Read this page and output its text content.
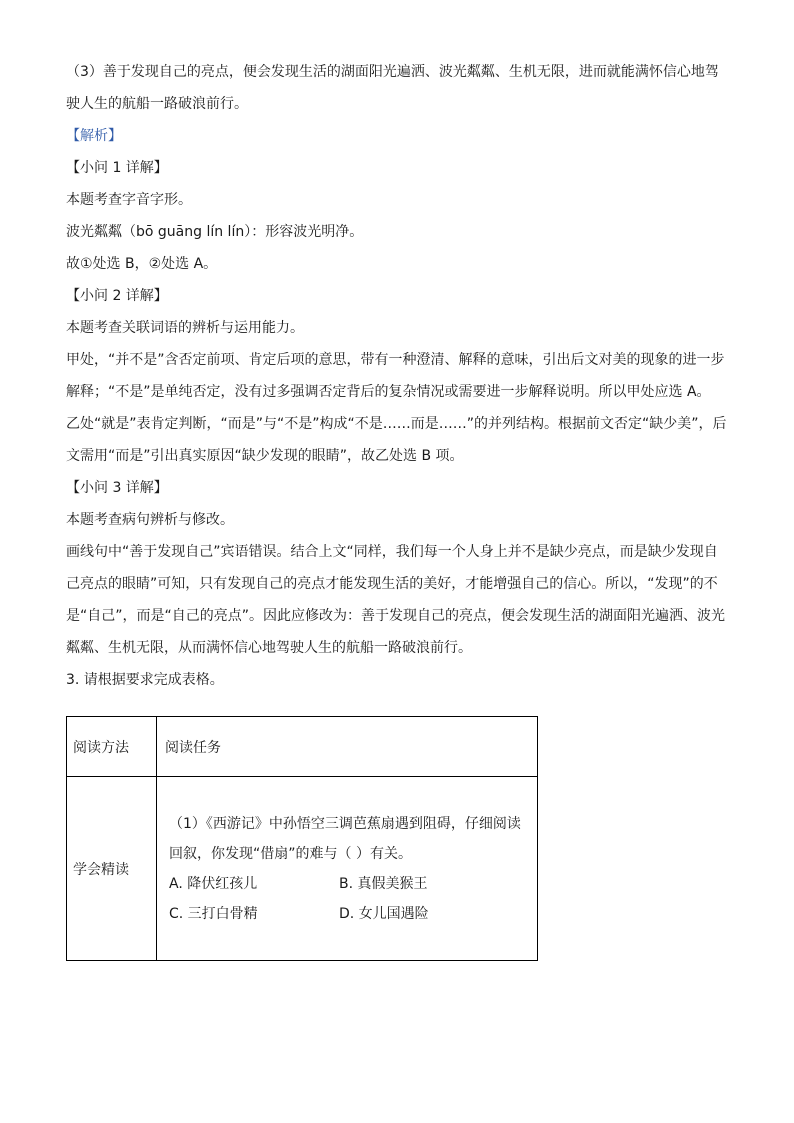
（3）善于发现自己的亮点，便会发现生活的湖面阳光遍洒、波光粼粼、生机无限，进而就能满怀信心地驾驶人生的航船一路破浪前行。

【解析】

【小问 1 详解】

本题考查字音字形。

波光粼粼（bō guāng lín lín）：形容波光明净。

故①处选 B，②处选 A。

【小问 2 详解】

本题考查关联词语的辨析与运用能力。

甲处，“并不是”含否定前项、肯定后项的意思，带有一种澄清、解释的意味，引出后文对美的现象的进一步解释；“不是”是单纯否定，没有过多强调否定背后的复杂情况或需要进一步解释说明。所以甲处应选 A。

乙处“就是”表肯定判断，“而是”与“不是”构成“不是……而是……”的并列结构。根据前文否定“缺少美”，后文需用“而是”引出真实原因“缺少发现的眼睛”，故乙处选 B 项。

【小问 3 详解】

本题考查病句辨析与修改。

画线句中“善于发现自己”宾语错误。结合上文“同样，我们每一个人身上并不是缺少亮点，而是缺少发现自己亮点的眼睛”可知，只有发现自己的亮点才能发现生活的美好，才能增强自己的信心。所以，“发现”的不是“自己”，而是“自己的亮点”。因此应修改为：善于发现自己的亮点，便会发现生活的湖面阳光遍洒、波光粼粼、生机无限，从而满怀信心地驾驶人生的航船一路破浪前行。

3. 请根据要求完成表格。

阅读方法	阅读任务
学会精读	（1）《西游记》中孙悟空三调芭蕉扇遇到阻碍，仔细阅读回叙，你发现“借扇”的难与（ ）有关。

A. 降伏红孩儿 B. 真假美猴王
C. 三打白骨精 D. 女儿国遇险
